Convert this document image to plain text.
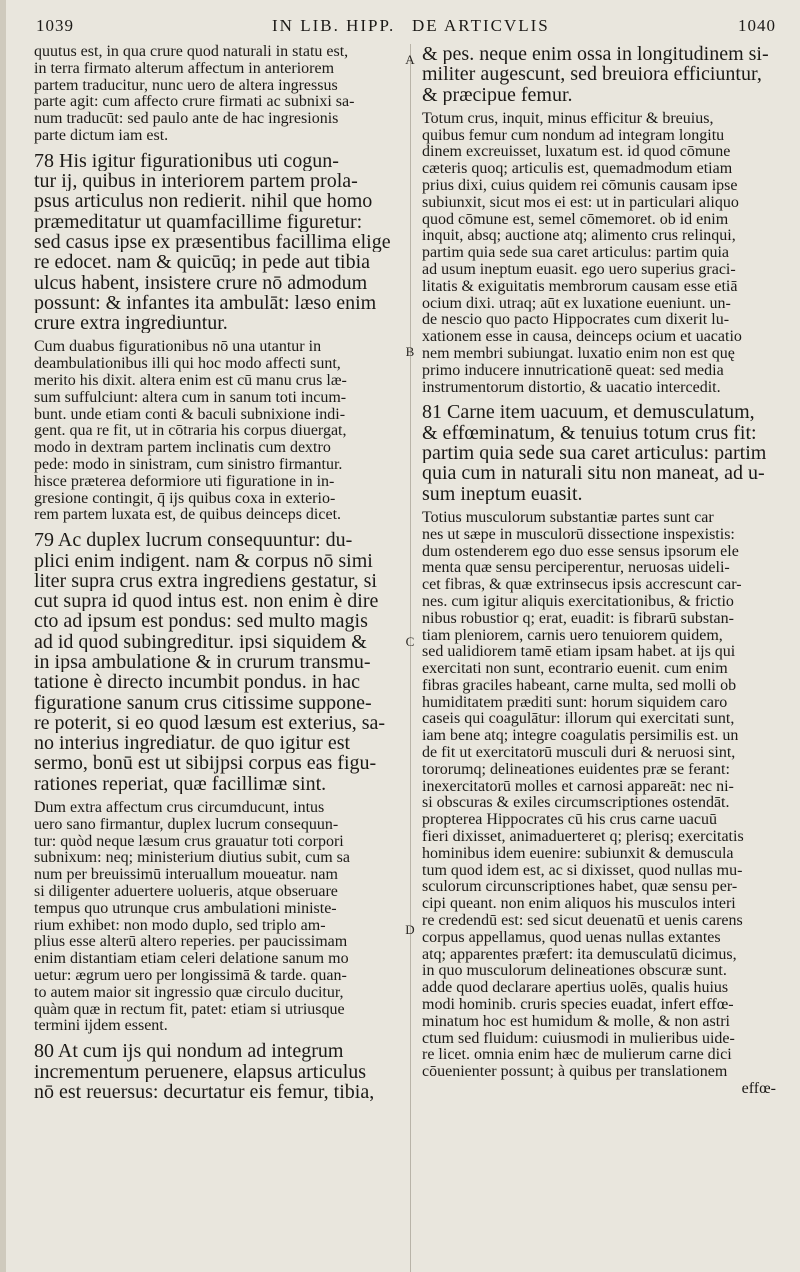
1039	IN LIB. HIPP. DE ARTICVLIS	1040
A
B
C
D
quutus est, in qua crure quod naturali in statu est,
in terra firmato alterum affectum in anteriorem
partem traducitur, nunc uero de altera ingressus
parte agit: cum affecto crure firmati ac subnixi sa-
num traducūt: sed paulo ante de hac ingresionis
parte dictum iam est.
78 His igitur figurationibus uti cogun-
tur ij, quibus in interiorem partem prola-
psus articulus non redierit. nihil que homo
præmeditatur ut quamfacillime figuretur:
sed casus ipse ex præsentibus facillima elige
re edocet. nam & quicūq; in pede aut tibia
ulcus habent, insistere crure nō admodum
possunt: & infantes ita ambulāt: læso enim
crure extra ingrediuntur.
Cum duabus figurationibus nō una utantur in
deambulationibus illi qui hoc modo affecti sunt,
merito his dixit. altera enim est cū manu crus læ-
sum suffulciunt: altera cum in sanum toti incum-
bunt. unde etiam conti & baculi subnixione indi-
gent. qua re fit, ut in cōtraria his corpus diuergat,
modo in dextram partem inclinatis cum dextro
pede: modo in sinistram, cum sinistro firmantur.
hisce præterea deformiore uti figuratione in in-
gresione contingit, q̄ ijs quibus coxa in exterio-
rem partem luxata est, de quibus deinceps dicet.
79 Ac duplex lucrum consequuntur: du-
plici enim indigent. nam & corpus nō simi
liter supra crus extra ingrediens gestatur, si
cut supra id quod intus est. non enim è dire
cto ad ipsum est pondus: sed multo magis
ad id quod subingreditur. ipsi siquidem &
in ipsa ambulatione & in crurum transmu-
tatione è directo incumbit pondus. in hac
figuratione sanum crus citissime suppone-
re poterit, si eo quod læsum est exterius, sa-
no interius ingrediatur. de quo igitur est
sermo, bonū est ut sibijpsi corpus eas figu-
rationes reperiat, quæ facillimæ sint.
Dum extra affectum crus circumducunt, intus
uero sano firmantur, duplex lucrum consequun-
tur: quòd neque læsum crus grauatur toti corpori
subnixum: neq; ministerium diutius subit, cum sa
num per breuissimū interuallum moueatur. nam
si diligenter aduertere uolueris, atque obseruare
tempus quo utrunque crus ambulationi ministe-
rium exhibet: non modo duplo, sed triplo am-
plius esse alterū altero reperies. per paucissimam
enim distantiam etiam celeri delatione sanum mo
uetur: ægrum uero per longissimā & tarde. quan-
to autem maior sit ingressio quæ circulo ducitur,
quàm quæ in rectum fit, patet: etiam si utriusque
termini ijdem essent.
80 At cum ijs qui nondum ad integrum
incrementum peruenere, elapsus articulus
nō est reuersus: decurtatur eis femur, tibia,
& pes. neque enim ossa in longitudinem si-
militer augescunt, sed breuiora efficiuntur,
& præcipue femur.
Totum crus, inquit, minus efficitur & breuius,
quibus femur cum nondum ad integram longitu
dinem excreuisset, luxatum est. id quod cōmune
cæteris quoq; articulis est, quemadmodum etiam
prius dixi, cuius quidem rei cōmunis causam ipse
subiunxit, sicut mos ei est: ut in particulari aliquo
quod cōmune est, semel cōmemoret. ob id enim
inquit, absq; auctione atq; alimento crus relinqui,
partim quia sede sua caret articulus: partim quia
ad usum ineptum euasit. ego uero superius graci-
litatis & exiguitatis membrorum causam esse etiā
ocium dixi. utraq; aūt ex luxatione eueniunt. un-
de nescio quo pacto Hippocrates cum dixerit lu-
xationem esse in causa, deinceps ocium et uacatio
nem membri subiungat. luxatio enim non est quę
primo inducere innutricationē queat: sed media
instrumentorum distortio, & uacatio intercedit.
81 Carne item uacuum, et demusculatum,
& effœminatum, & tenuius totum crus fit:
partim quia sede sua caret articulus: partim
quia cum in naturali situ non maneat, ad u-
sum ineptum euasit.
Totius musculorum substantiæ partes sunt car
nes ut sæpe in musculorū dissectione inspexistis:
dum ostenderem ego duo esse sensus ipsorum ele
menta quæ sensu perciperentur, neruosas uideli-
cet fibras, & quæ extrinsecus ipsis accrescunt car-
nes. cum igitur aliquis exercitationibus, & frictio
nibus robustior q; erat, euadit: is fibrarū substan-
tiam pleniorem, carnis uero tenuiorem quidem,
sed ualidiorem tamē etiam ipsam habet. at ijs qui
exercitati non sunt, econtrario euenit. cum enim
fibras graciles habeant, carne multa, sed molli ob
humiditatem præditi sunt: horum siquidem caro
caseis qui coagulātur: illorum qui exercitati sunt,
iam bene atq; integre coagulatis persimilis est. un
de fit ut exercitatorū musculi duri & neruosi sint,
tororumq; delineationes euidentes præ se ferant:
inexercitatorū molles et carnosi appareāt: nec ni-
si obscuras & exiles circumscriptiones ostendāt.
propterea Hippocrates cū his crus carne uacuū
fieri dixisset, animaduerteret q; plerisq; exercitatis
hominibus idem euenire: subiunxit & demuscula
tum quod idem est, ac si dixisset, quod nullas mu-
sculorum circunscriptiones habet, quæ sensu per-
cipi queant. non enim aliquos his musculos interi
re credendū est: sed sicut deuenatū et uenis carens
corpus appellamus, quod uenas nullas extantes
atq; apparentes præfert: ita demusculatū dicimus,
in quo musculorum delineationes obscuræ sunt.
adde quod declarare apertius uolēs, qualis huius
modi hominib. cruris species euadat, infert effœ-
minatum hoc est humidum & molle, & non astri
ctum sed fluidum: cuiusmodi in mulieribus uide-
re licet. omnia enim hæc de mulierum carne dici
cōuenienter possunt; à quibus per translationem
effœ-
